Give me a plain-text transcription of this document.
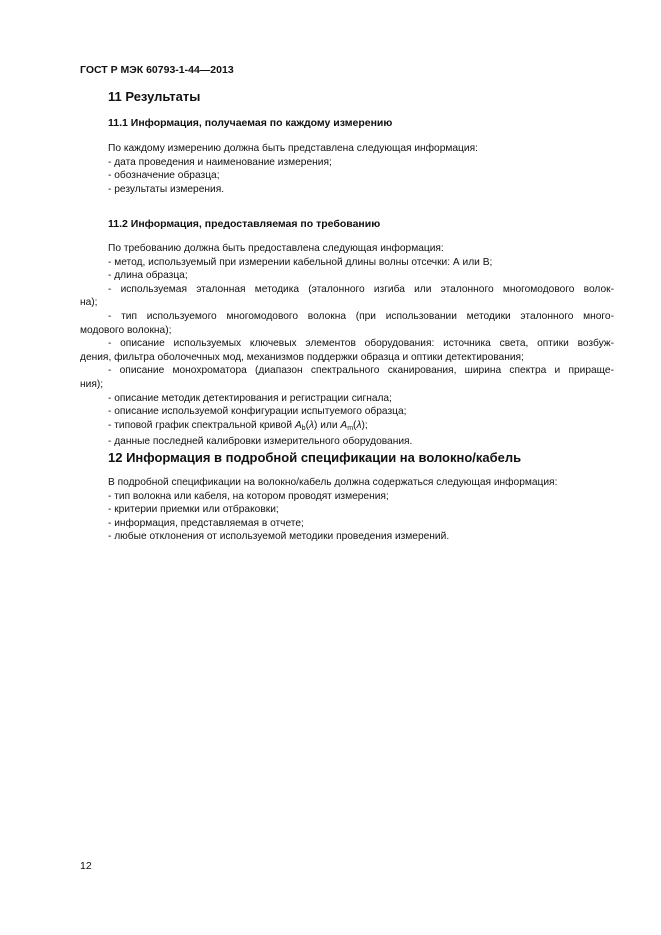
ГОСТ Р МЭК 60793-1-44—2013
11 Результаты
11.1 Информация, получаемая по каждому измерению
По каждому измерению должна быть представлена следующая информация:
- дата проведения и наименование измерения;
- обозначение образца;
- результаты измерения.
11.2 Информация, предоставляемая по требованию
По требованию должна быть предоставлена следующая информация:
- метод, используемый при измерении кабельной длины волны отсечки: А или В;
- длина образца;
- используемая эталонная методика (эталонного изгиба или эталонного многомодового волок-
на);
- тип используемого многомодового волокна (при использовании методики эталонного много-
модового волокна);
- описание используемых ключевых элементов оборудования: источника света, оптики возбуж-
дения, фильтра оболочечных мод, механизмов поддержки образца и оптики детектирования;
- описание монохроматора (диапазон спектрального сканирования, ширина спектра и прираще-
ния);
- описание методик детектирования и регистрации сигнала;
- описание используемой конфигурации испытуемого образца;
- типовой график спектральной кривой $A_b(\lambda)$ или $A_m(\lambda)$;
- данные последней калибровки измерительного оборудования.
12 Информация в подробной спецификации на волокно/кабель
В подробной спецификации на волокно/кабель должна содержаться следующая информация:
- тип волокна или кабеля, на котором проводят измерения;
- критерии приемки или отбраковки;
- информация, представляемая в отчете;
- любые отклонения от используемой методики проведения измерений.
12
